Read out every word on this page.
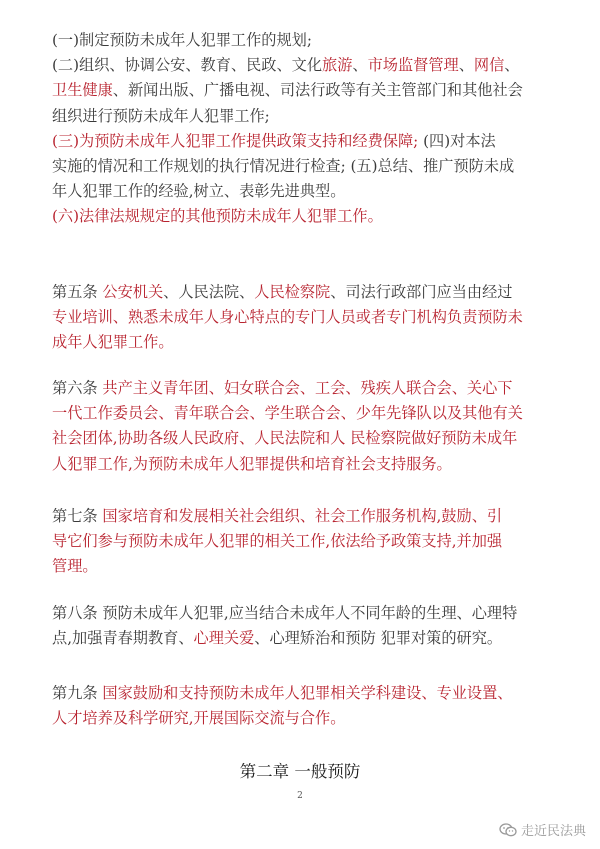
(一)制定预防未成年人犯罪工作的规划;
(二)组织、协调公安、教育、民政、文化旅游、市场监督管理、网信、
卫生健康、新闻出版、广播电视、司法行政等有关主管部门和其他社会
组织进行预防未成年人犯罪工作;
(三)为预防未成年人犯罪工作提供政策支持和经费保障; (四)对本法
实施的情况和工作规划的执行情况进行检查; (五)总结、推广预防未成
年人犯罪工作的经验,树立、表彰先进典型。
(六)法律法规规定的其他预防未成年人犯罪工作。
第五条 公安机关、人民法院、人民检察院、司法行政部门应当由经过
专业培训、熟悉未成年人身心特点的专门人员或者专门机构负责预防未
成年人犯罪工作。
第六条 共产主义青年团、妇女联合会、工会、残疾人联合会、关心下
一代工作委员会、青年联合会、学生联合会、少年先锋队以及其他有关
社会团体,协助各级人民政府、人民法院和人 民检察院做好预防未成年
人犯罪工作,为预防未成年人犯罪提供和培育社会支持服务。
第七条 国家培育和发展相关社会组织、社会工作服务机构,鼓励、引
导它们参与预防未成年人犯罪的相关工作,依法给予政策支持,并加强
管理。
第八条 预防未成年人犯罪,应当结合未成年人不同年龄的生理、心理特
点,加强青春期教育、心理关爱、心理矫治和预防 犯罪对策的研究。
第九条 国家鼓励和支持预防未成年人犯罪相关学科建设、专业设置、
人才培养及科学研究,开展国际交流与合作。
第二章 一般预防
2
走近民法典
